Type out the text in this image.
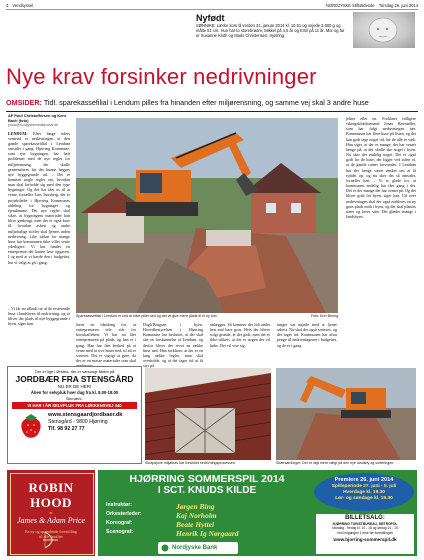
4 Vendsyssel	NORDJYSKE Stiftstidende Torsdag 26. juni 2014
Nyfødt
SØNNIKE: Lærke kom til verden 31. januar 2014 kl. 10.51 og vejede 3.500 g og målte 51 cm. Hun har to storebrødre, Mikkel på 4,5 år og Emil på 11 år. Mor og far er Susanne Kloth og Mads Christensen, Hjørring.
Nye krav forsinker nedrivninger
OMSIDER: Tidl. sparekassefilial i Lendum pilles fra hinanden efter miljørensning, og samme vej skal 3 andre huse
AF Poul Christoffersen og Kent Bach (foto)
poulc@nordjyskemedieportal.dk
LENDUM: Efter lange tiders ventetid er nedrivningen af den gamle sparekassefilial i Lendum omsider i gang. Hjørring Kommune, som ejer bygningen, har haft problemer med de nye regler for miljørensning, der skulle gennemføres før der kunne lægges nye byggegrunde ud. – Det er kommet nogle regler om, hvordan man skal forholde sig med den type bygninger. Og det har fået os til at vente, fortæller Lars Tuusberg, der er projektleder i Hjørring Kommunes afdeling for bygninger og ejendomme. Det nye regler skal sikre, at bygningens materialer kan blive genbrugt, men der er også krav til, hvordan asbest og andre miljøfarlige stoffer skal fjernes inden nedrivning. Like sådan for mange huse har kommunen ikke villet vente yderligere. Vi har fundet en entreprenør der kunne løse opgaven. I og med at vi havde den i budgettet, har vi valgt at gå i gang.
– Vi får nu tilbudt tre af de resterende huse i landsbyen til nedrivning, og så bliver der plads til nye byggegrunde i byen, siger han.
Sparekassefilial i Lendum er ved at blive pillet ned og det vil give mere plads til et ny torv.	Foto: Kurt Bering
ferne en håndring for, at entreprenøren selv står for bortskaffelsen. Vi har nu fået entreprenøren på plads, og han er i gang. Han har fået besked på at vente med at rive huset ned, til alt er sorteret. Det er vigtigt at gøre, da der er en masse materialer som skal
Dagli'Brugsen i byen. Hovedbestyrelsen i Hjørring Kommune har besluttet, at der skal ske en forskønnelse af Lendum, og derfor bliver der revet en række huse ned. Han forklarer, at der er en lang række regler, man skal overholde, og at det tager tid at få styr på.
anlægges. Så kommer der lidt andet hen end bare grus. Hvis der bliver solgt grunde, er det godt, men det er ikke sikkert, at der er nogen der vil købe. Det vil vise sig.
ninger var nøjede med at fjerne asbest. Nu skal der også sorteres, og det tager tid. Kommunen har afsat penge til nedrivningerne i budgettet, og de er i gang.
jekter eller en. Forklarer tidligere vikingeklubformand Jonas Havmøller, som har fulgt nedrivningen tæt. Kommunen har flere huse på listen, og det kan godt tage noget tid, før de alle er væk. Han siger, at der er mange, der har ventet længe på, at der skulle ske noget i byen. Nu sker der endelig noget. Det er også godt for de huse, der ligger ved siden af, at de gamle ruiner forsvinder. I Lendum har der længe været ønsket om at få ryddet op, og nu sker det så omsider, fortæller han. – Vi er glade for, at kommunen endelig har fået gang i det. Det er der mange der har ventet på. Og det bliver godt for byen, siger han. Ud over nedrivningen skal der også etableres en ny grøn plads midt i byen, og der skal plantes træer og laves stier. Det glæder mange i landsbyen.
Der er lige i Ørsted, der er sæsongt åbent på
JORDBÆR FRA STENSGÅRD
NU ER DE HER!
Åben for selvpluk hver dag fra kl. 8.00-18.00
Bemærk:
VI HAR I ÅR SELVPLUK FRA LØKKENSVEJ 440
www.stensgaardjordbaer.dk
Stensgård · 9800 Hjørring
Tlf. 98 92 27 77
Skrapsjove miljøkrav har forsinket nedrivningsprocessen.	Skærsamlinger: Der er lagt mere vægt på den nye landsby og sorteringen.
ROBIN HOOD
at
James & Adam Price
En ny og spændende forestilling
til alle familier
HJØRRING SOMMERSPIL 2014
I SCT. KNUDS KILDE
Instruktør:	Jørgen Bing
Orkesterleder:	Kaj Norholm
Koreograf:	Beate Hyttel
Scenograf:	Henrik Ig Nørgaard
Nordjyske Bank
Premiere 26. juni 2014
Spilleperiode 27. juni - 5. juli
Hverdage kl. 19.30
Lør- og søndage kl. 15.30
BILLETSALG:
HJØRRING TURISTBUREAU, METROPOL
Mandag - fredag kl. 10 - 18 og lørdag 10 - 15
Ved indgangen 1 time før forestillingen
www.hjorring-sommerspil.dk
